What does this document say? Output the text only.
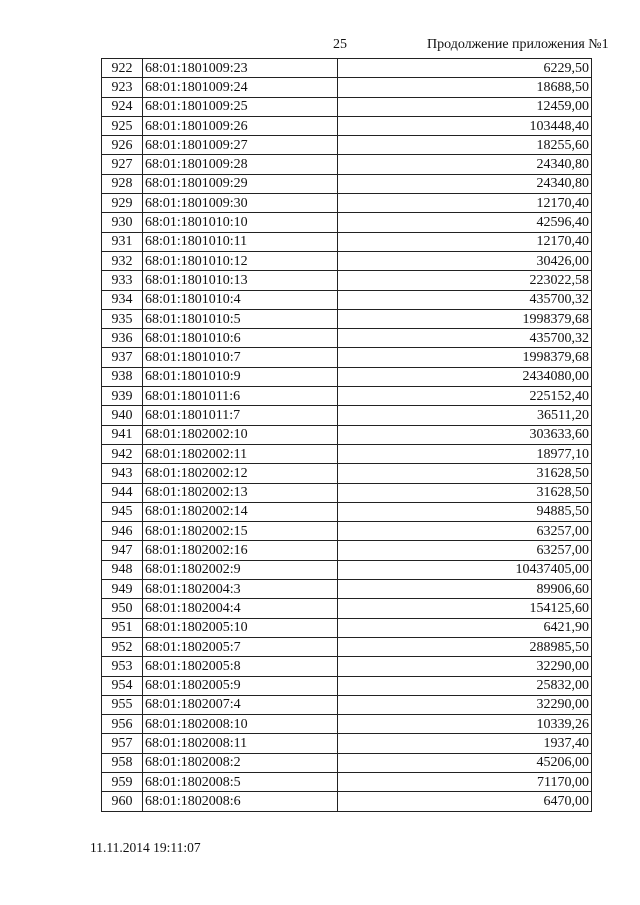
25	Продолжение приложения №1
922	68:01:1801009:23	6229,50
923	68:01:1801009:24	18688,50
924	68:01:1801009:25	12459,00
925	68:01:1801009:26	103448,40
926	68:01:1801009:27	18255,60
927	68:01:1801009:28	24340,80
928	68:01:1801009:29	24340,80
929	68:01:1801009:30	12170,40
930	68:01:1801010:10	42596,40
931	68:01:1801010:11	12170,40
932	68:01:1801010:12	30426,00
933	68:01:1801010:13	223022,58
934	68:01:1801010:4	435700,32
935	68:01:1801010:5	1998379,68
936	68:01:1801010:6	435700,32
937	68:01:1801010:7	1998379,68
938	68:01:1801010:9	2434080,00
939	68:01:1801011:6	225152,40
940	68:01:1801011:7	36511,20
941	68:01:1802002:10	303633,60
942	68:01:1802002:11	18977,10
943	68:01:1802002:12	31628,50
944	68:01:1802002:13	31628,50
945	68:01:1802002:14	94885,50
946	68:01:1802002:15	63257,00
947	68:01:1802002:16	63257,00
948	68:01:1802002:9	10437405,00
949	68:01:1802004:3	89906,60
950	68:01:1802004:4	154125,60
951	68:01:1802005:10	6421,90
952	68:01:1802005:7	288985,50
953	68:01:1802005:8	32290,00
954	68:01:1802005:9	25832,00
955	68:01:1802007:4	32290,00
956	68:01:1802008:10	10339,26
957	68:01:1802008:11	1937,40
958	68:01:1802008:2	45206,00
959	68:01:1802008:5	71170,00
960	68:01:1802008:6	6470,00
11.11.2014 19:11:07
